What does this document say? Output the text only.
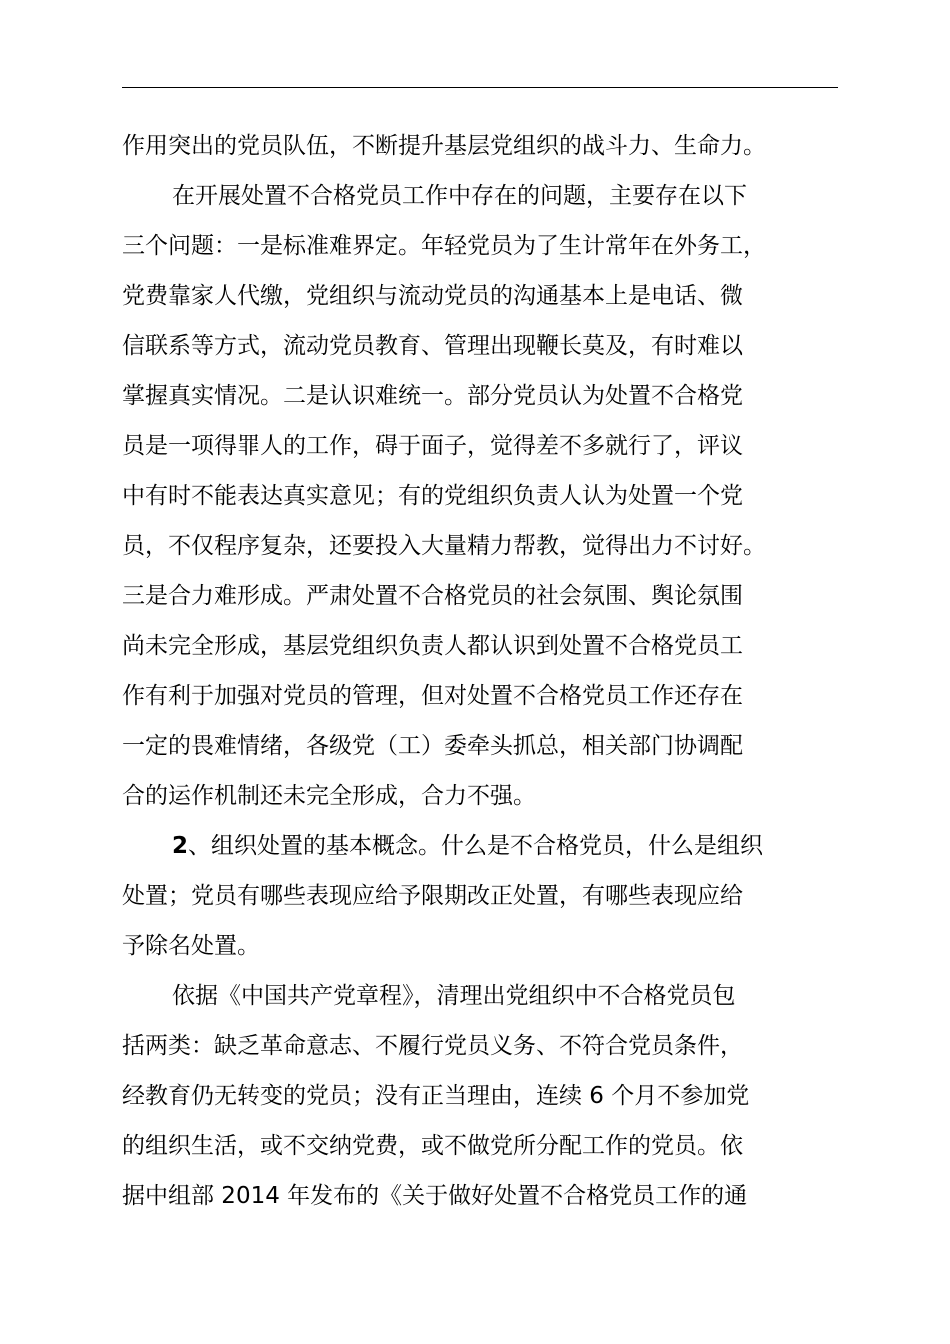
作用突出的党员队伍，不断提升基层党组织的战斗力、生命力。
在开展处置不合格党员工作中存在的问题，主要存在以下
三个问题：一是标准难界定。年轻党员为了生计常年在外务工，
党费靠家人代缴，党组织与流动党员的沟通基本上是电话、微
信联系等方式，流动党员教育、管理出现鞭长莫及，有时难以
掌握真实情况。二是认识难统一。部分党员认为处置不合格党
员是一项得罪人的工作，碍于面子，觉得差不多就行了，评议
中有时不能表达真实意见；有的党组织负责人认为处置一个党
员，不仅程序复杂，还要投入大量精力帮教，觉得出力不讨好。
三是合力难形成。严肃处置不合格党员的社会氛围、舆论氛围
尚未完全形成，基层党组织负责人都认识到处置不合格党员工
作有利于加强对党员的管理，但对处置不合格党员工作还存在
一定的畏难情绪，各级党（工）委牵头抓总，相关部门协调配
合的运作机制还未完全形成，合力不强。
2、组织处置的基本概念。什么是不合格党员，什么是组织
处置；党员有哪些表现应给予限期改正处置，有哪些表现应给
予除名处置。
依据《中国共产党章程》，清理出党组织中不合格党员包
括两类：缺乏革命意志、不履行党员义务、不符合党员条件，
经教育仍无转变的党员；没有正当理由，连续 6 个月不参加党
的组织生活，或不交纳党费，或不做党所分配工作的党员。依
据中组部 2014 年发布的《关于做好处置不合格党员工作的通
